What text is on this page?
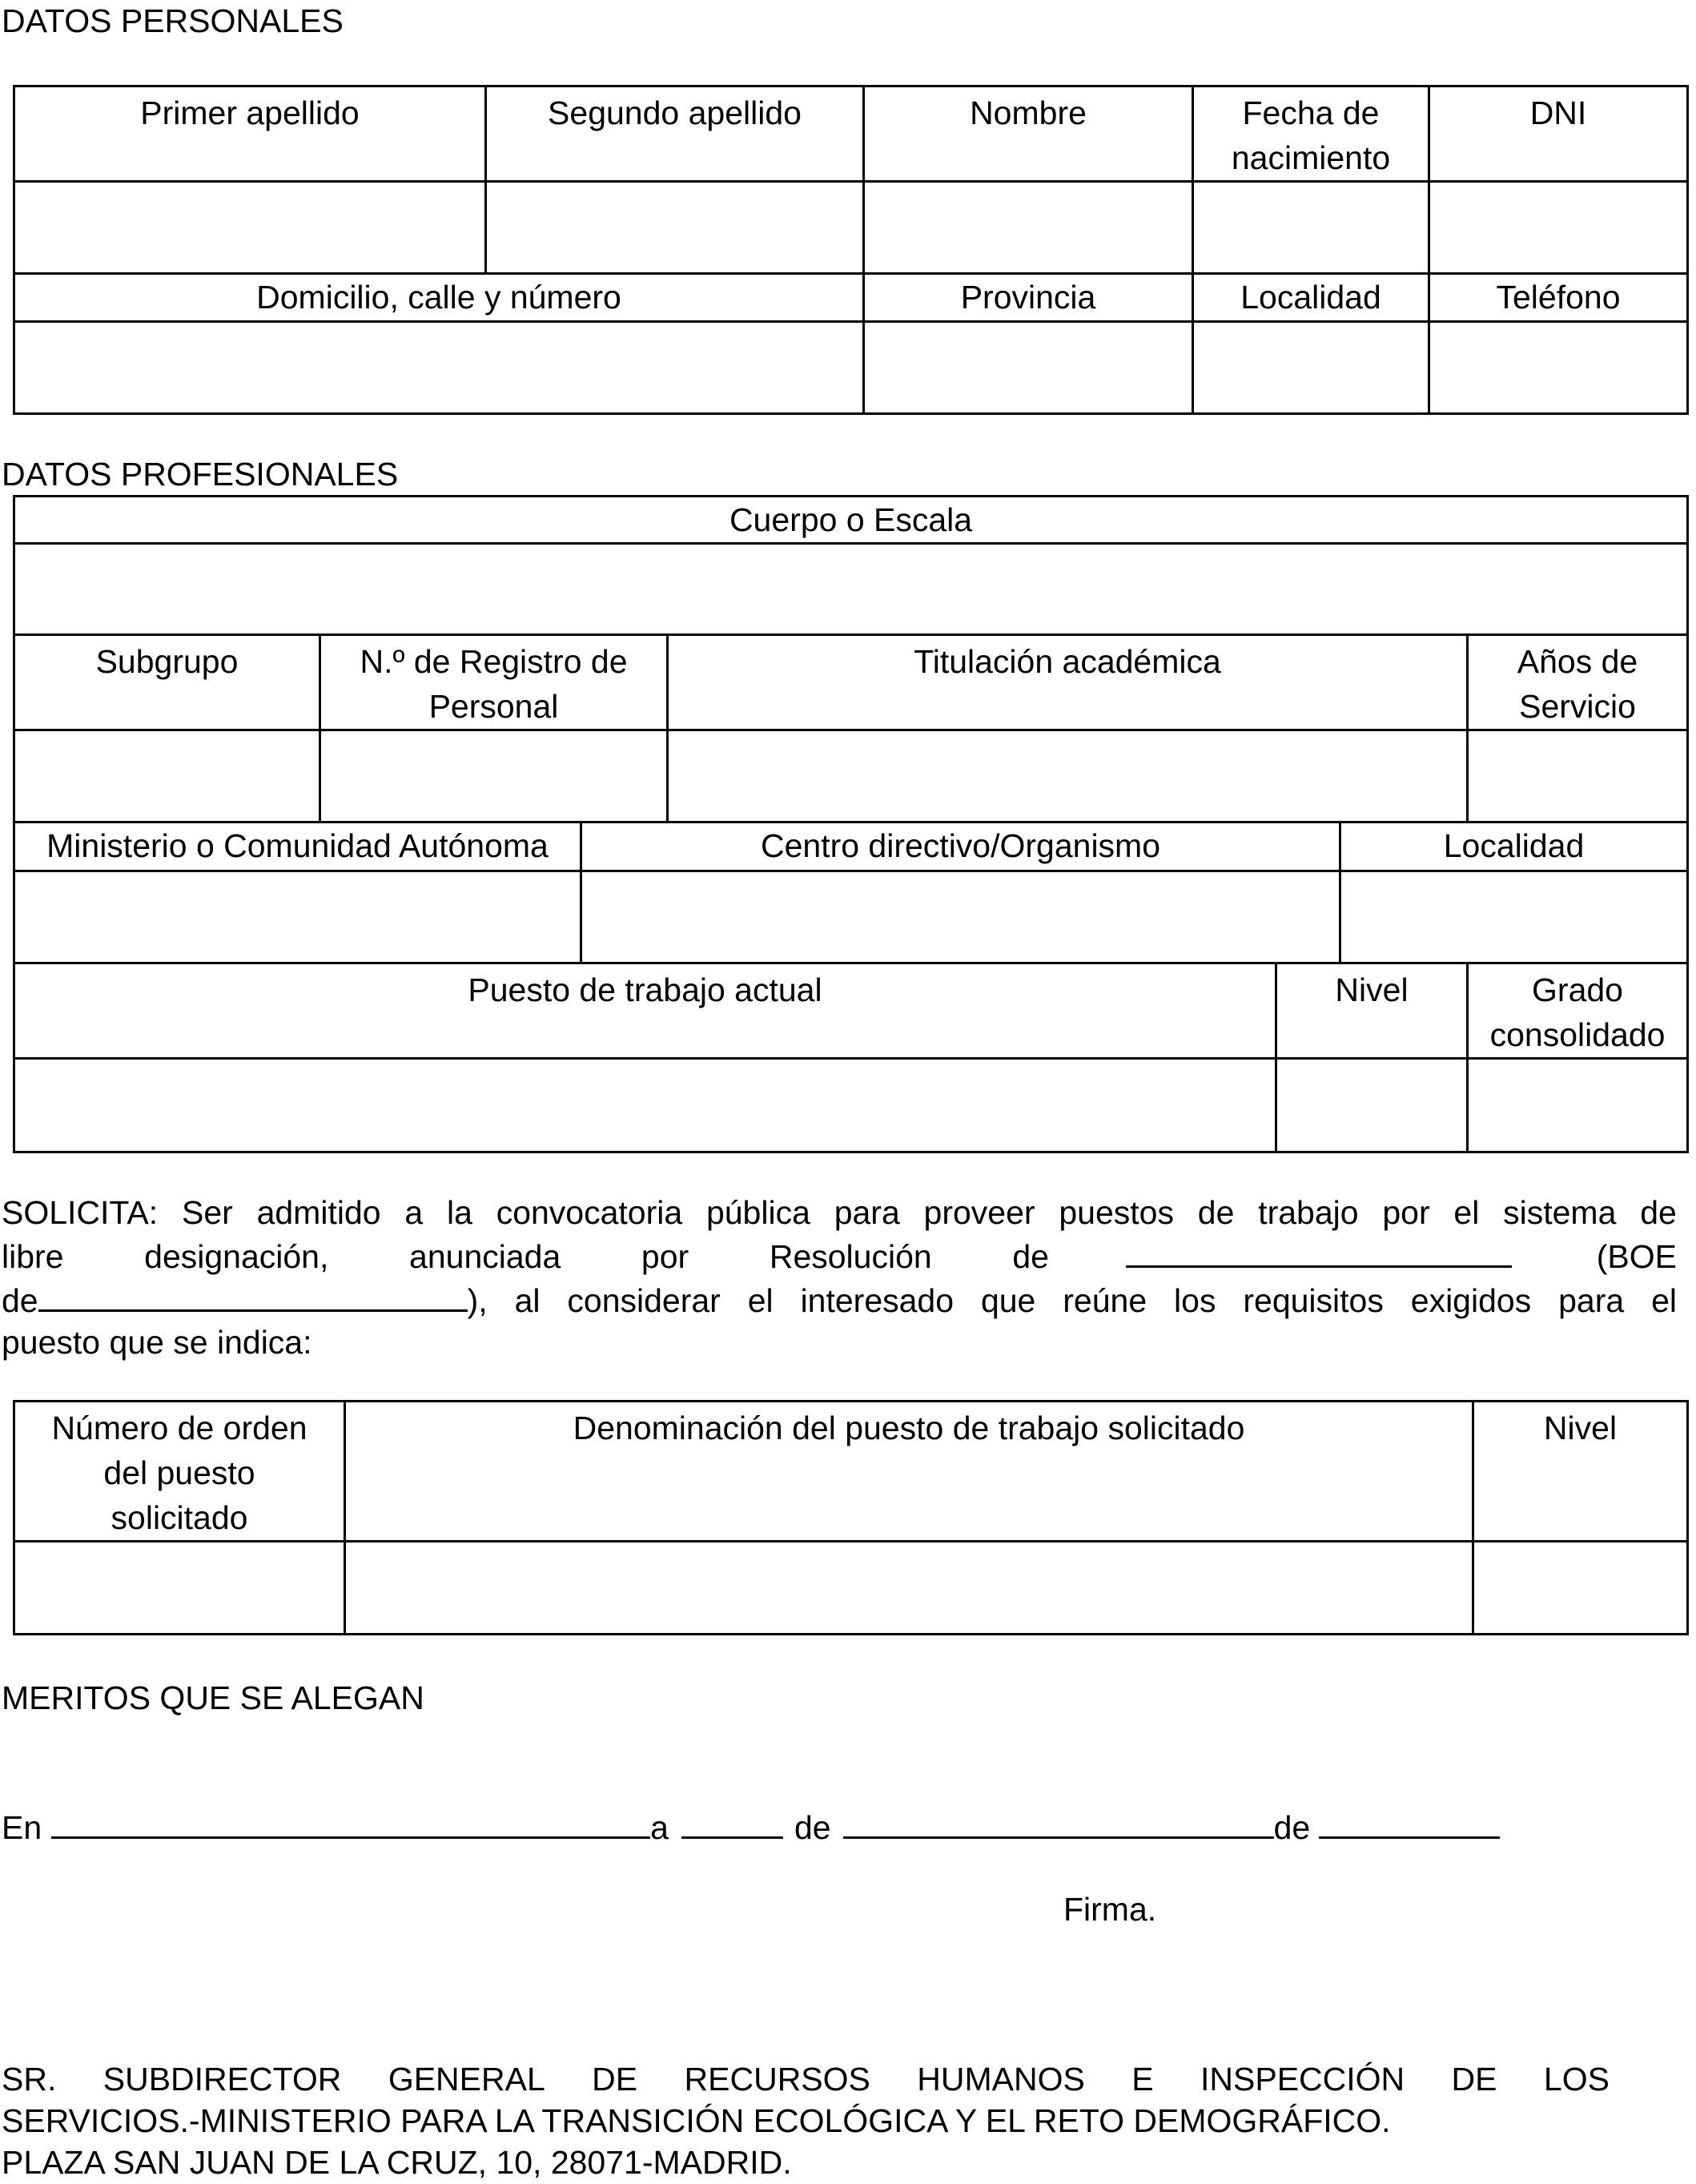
DATOS PERSONALES
Primer apellido	Segundo apellido	Nombre	Fecha de nacimiento	DNI

Domicilio, calle y número		Provincia	Localidad	Teléfono

DATOS PROFESIONALES
Cuerpo o Escala						

Subgrupo	N.º de Registro de Personal		Titulación académica			Años de Servicio

Ministerio o Comunidad Autónoma		Centro directivo/Organismo			Localidad	

Puesto de trabajo actual				Nivel		Grado consolidado

SOLICITA: Ser admitido a la convocatoria pública para proveer puestos de trabajo por el sistema de
libre designación, anunciada por Resolución de	(BOE
de	), al considerar el interesado que reúne los requisitos exigidos para el
puesto que se indica:
Número de orden del puesto solicitado	Denominación del puesto de trabajo solicitado	Nivel

MERITOS QUE SE ALEGAN
En	a	de	de
Firma.
SR. SUBDIRECTOR GENERAL DE RECURSOS HUMANOS E INSPECCIÓN DE LOS
SERVICIOS.-MINISTERIO PARA LA TRANSICIÓN ECOLÓGICA Y EL RETO DEMOGRÁFICO.
PLAZA SAN JUAN DE LA CRUZ, 10, 28071-MADRID.
